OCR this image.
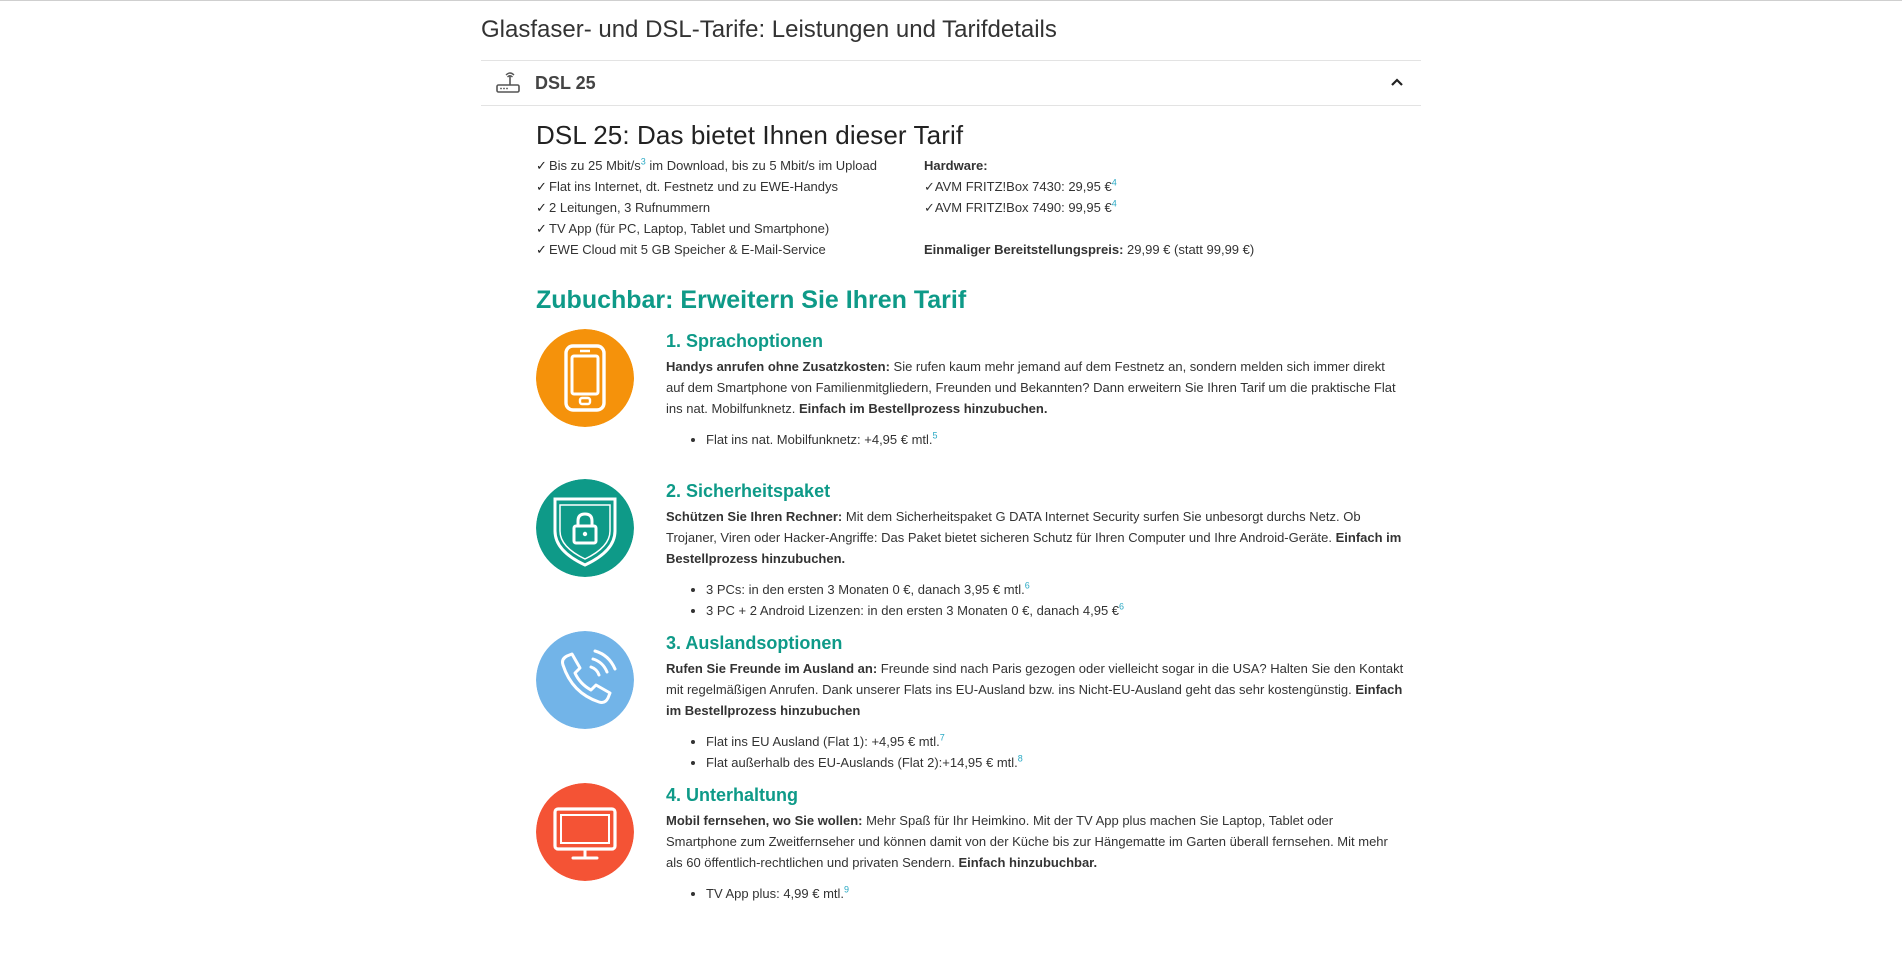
Glasfaser- und DSL-Tarife: Leistungen und Tarifdetails
DSL 25
DSL 25: Das bietet Ihnen dieser Tarif
✓ Bis zu 25 Mbit/$s^3$ im Download, bis zu 5 Mbit/s im Upload
✓ Flat ins Internet, dt. Festnetz und zu EWE-Handys
✓ 2 Leitungen, 3 Rufnummern
✓ TV App (für PC, Laptop, Tablet und Smartphone)
✓ EWE Cloud mit 5 GB Speicher & E-Mail-Service
Hardware:
✓AVM FRITZ!Box 7430: 29,95 €$^4$
✓AVM FRITZ!Box 7490: 99,95 €$^4$
Einmaliger Bereitstellungspreis: 29,99 € (statt 99,99 €)
Zubuchbar: Erweitern Sie Ihren Tarif
1. Sprachoptionen

Handys anrufen ohne Zusatzkosten: Sie rufen kaum mehr jemand auf dem Festnetz an, sondern melden sich immer direkt auf dem Smartphone von Familienmitgliedern, Freunden und Bekannten? Dann erweitern Sie Ihren Tarif um die praktische Flat ins nat. Mobilfunknetz. Einfach im Bestellprozess hinzubuchen.

• Flat ins nat. Mobilfunknetz: +4,95 € mtl.$^5$
2. Sicherheitspaket

Schützen Sie Ihren Rechner: Mit dem Sicherheitspaket G DATA Internet Security surfen Sie unbesorgt durchs Netz. Ob Trojaner, Viren oder Hacker-Angriffe: Das Paket bietet sicheren Schutz für Ihren Computer und Ihre Android-Geräte. Einfach im Bestellprozess hinzubuchen.

• 3 PCs: in den ersten 3 Monaten 0 €, danach 3,95 € mtl.$^6$
• 3 PC + 2 Android Lizenzen: in den ersten 3 Monaten 0 €, danach 4,95 €$^6$
3. Auslandsoptionen

Rufen Sie Freunde im Ausland an: Freunde sind nach Paris gezogen oder vielleicht sogar in die USA? Halten Sie den Kontakt mit regelmäßigen Anrufen. Dank unserer Flats ins EU-Ausland bzw. ins Nicht-EU-Ausland geht das sehr kostengünstig. Einfach im Bestellprozess hinzubuchen

• Flat ins EU Ausland (Flat 1): +4,95 € mtl.$^7$
• Flat außerhalb des EU-Auslands (Flat 2):+14,95 € mtl.$^8$
4. Unterhaltung

Mobil fernsehen, wo Sie wollen: Mehr Spaß für Ihr Heimkino. Mit der TV App plus machen Sie Laptop, Tablet oder Smartphone zum Zweitfernseher und können damit von der Küche bis zur Hängematte im Garten überall fernsehen. Mit mehr als 60 öffentlich-rechtlichen und privaten Sendern. Einfach hinzubuchbar.

• TV App plus: 4,99 € mtl.$^9$
